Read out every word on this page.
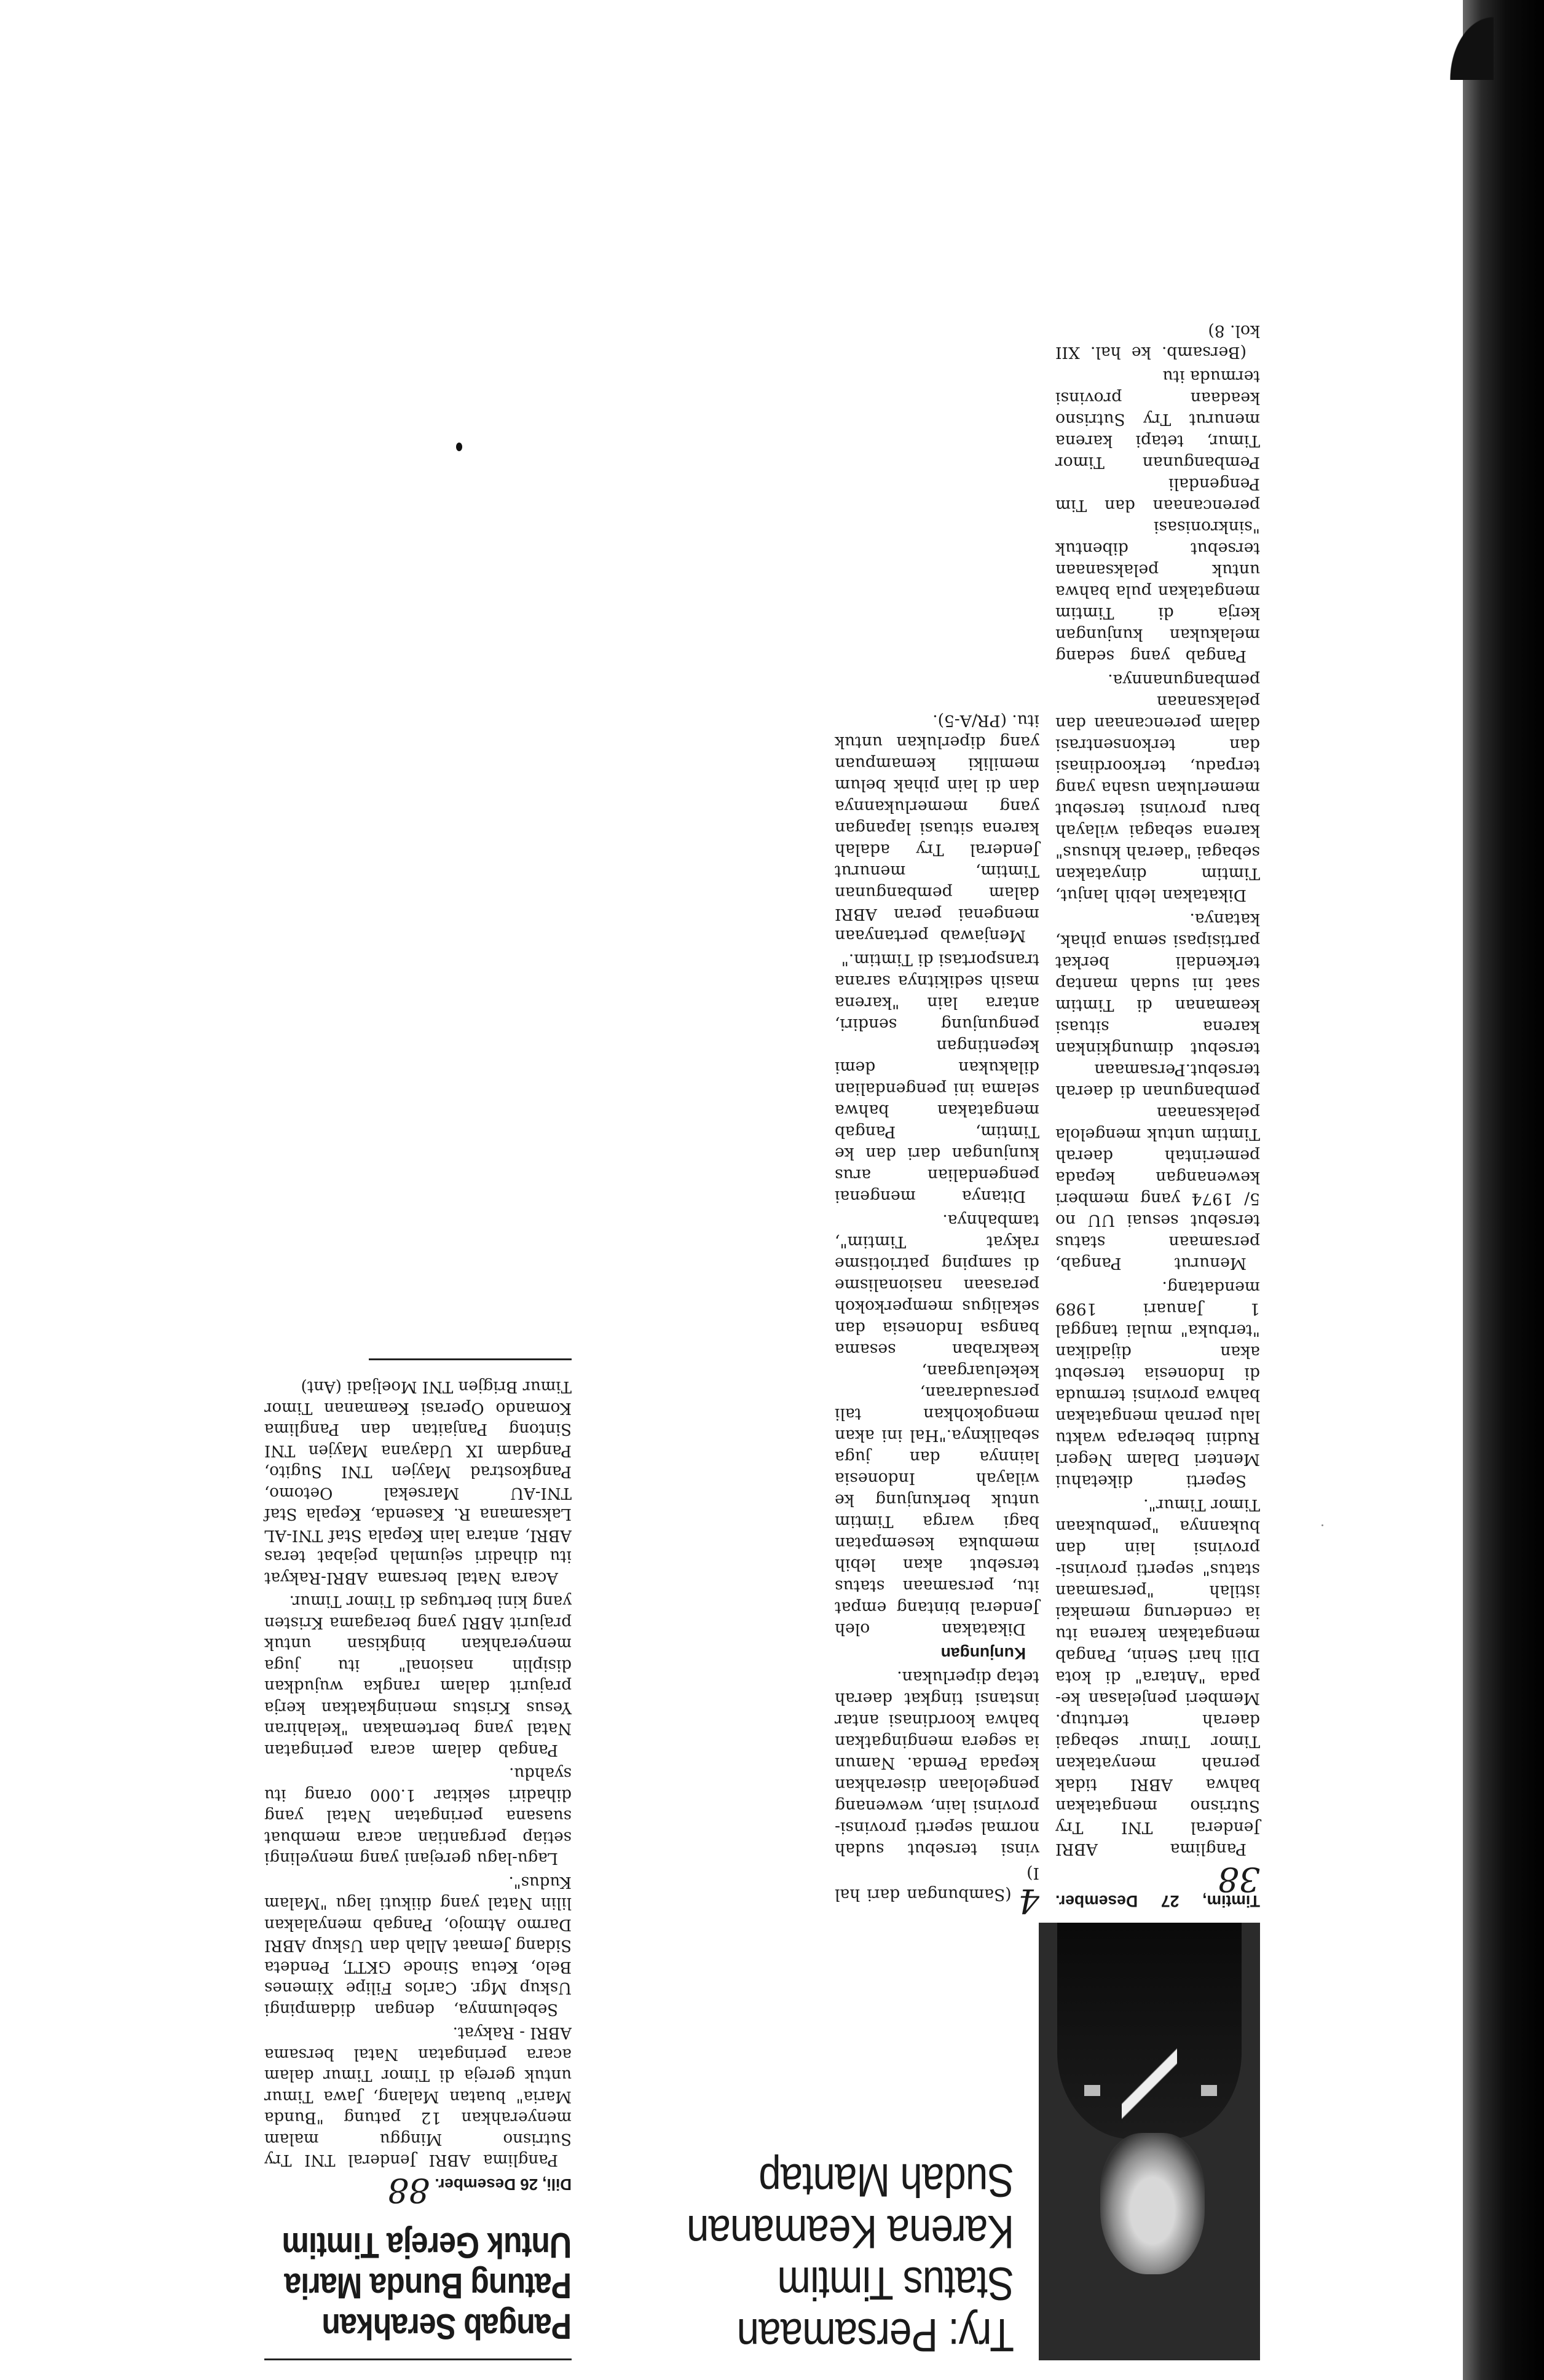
Try: Persamaan
Status Timtim
Karena Keamanan
Sudah Mantap

Timtim, 27 Desember. 38

Panglima ABRI Jenderal TNI Try Sutrisno mengatakan bahwa ABRI tidak pernah menyatakan Timor Timur sebagai daerah tertutup. Memberi penjelasan ke-pada "Antara" di kota Dili hari Senin, Pangab mengatakan karena itu ia cenderung memakai istilah "persamaan status" seperti provinsi-provinsi lain dan bukannya "pembukaan Timor Timur".

Seperti diketahui Menteri Dalam Negeri Rudini beberapa waktu lalu pernah mengatakan bahwa provinsi termuda di Indonesia tersebut akan dijadikan "terbuka" mulai tanggal 1 Januari 1989 mendatang.

Menurut Pangab, persamaan status tersebut sesuai UU no 5/ 1974 yang memberi kewenangan kepada pemerintah daerah Timtim untuk mengelola pelaksanaan pembangunan di daerah tersebut.Persamaan tersebut dimungkinkan karena situasi keamanan di Timtim saat ini sudah mantap terkendali berkat partisipasi semua pihak, katanya.

Dikatakan lebih lanjut, Timtim dinyatakan sebagai "daerah khusus" karena sebagai wilayah baru provinsi tersebut memerlukan usaha yang terpadu, terkoordinasi dan terkonsentrasi dalam perencanaan dan pelaksanaan pembangunannya.

Pangab yang sedang melakukan kunjungan kerja di Timtim mengatakan pula bahwa untuk pelaksanaan tersebut dibentuk "sinkronisasi perencanaan dan Tim Pengendali Pembangunan Timor Timur, tetapi karena menurut Try Sutrisno keadaan provinsi termuda itu

(Bersamb. ke hal. XII kol. 8)

4 (Sambungan dari hal I)

vinsi tersebut sudah normal seperti provinsi-provinsi lain, wewenang pengelolaan diserahkan kepada Pemda. Namun ia segera mengingatkan bahwa koordinasi antar instansi tingkat daerah tetap diperlukan.

Kunjungan

Dikatakan oleh Jenderal bintang empat itu, persamaan status tersebut akan lebih membuka kesempatan bagi warga Timtim untuk berkunjung ke wilayah Indonesia lainnya dan juga sebaliknya."Hal ini akan mengokohkan tali persaudaraan, kekeluargaan, keakraban sesama bangsa Indonesia dan sekaligus memperkokoh perasaan nasionalisme di samping patriotisme rakyat Timtim", tambahnya.

Ditanya mengenai pengendalian arus kunjungan dari dan ke Timtim, Pangab mengatakan bahwa selama ini pengendalian dilakukan demi kepentingan pengunjung sendiri, antara lain "karena masih sedikitnya sarana transportasi di Timtim."

Menjawab pertanyaan mengenai peran ABRI dalam pembangunan Timtim, menurut Jenderal Try adalah karena situasi lapangan yang memerlukannya dan di lain pihak belum memiliki kemampuan yang diperlukan untuk itu. (PR/A-5).

Pangab Serahkan
Patung Bunda Maria
Untuk Gereja Timtim

Dili, 26 Desember. 88

Panglima ABRI Jenderal TNI Try Sutrisno Minggu malam menyerahkan 12 patung "Bunda Maria" buatan Malang, Jawa Timur untuk gereja di Timor Timur dalam acara peringatan Natal bersama ABRI - Rakyat.

Sebelumnya, dengan didampingi Uskup Mgr. Carlos Filipe Ximenes Belo, Ketua Sinode GKTT, Pendeta Sidang Jemaat Allah dan Uskup ABRI Darmo Atmojo, Pangab menyalakan lilin Natal yang diikuti lagu "Malam Kudus".

Lagu-lagu gerejani yang menyelingi setiap pergantian acara membuat suasana peringatan Natal yang dihadiri sekitar 1.000 orang itu syahdu.

Pangab dalam acara peringatan Natal yang bertemakan "kelahiran Yesus Kristus meningkatkan kerja prajurit dalam rangka wujudkan disiplin nasional" itu juga menyerahkan bingkisan untuk prajurit ABRI yang beragama Kristen yang kini bertugas di Timor Timur.

Acara Natal bersama ABRI-Rakyat itu dihadiri sejumlah pejabat teras ABRI, antara lain Kepala Staf TNI-AL Laksamana R. Kasenda, Kepala Staf TNI-AU Marsekal Oetomo, Pangkostrad Mayjen TNI Sugito, Pangdam IX Udayana Mayjen TNI Sintong Panjaitan dan Panglima Komando Operasi Keamanan Timor Timur Brigjen TNI Moeljadi (Ant)
